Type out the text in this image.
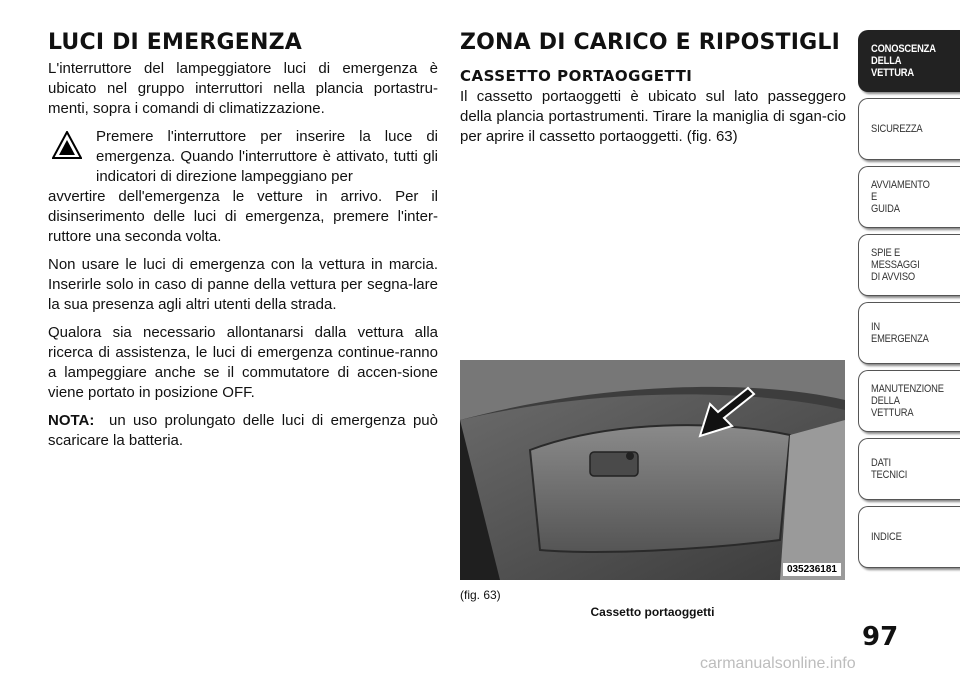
LUCI DI EMERGENZA

L'interruttore del lampeggiatore luci di emergenza è ubicato nel gruppo interruttori nella plancia portastru-menti, sopra i comandi di climatizzazione.

Premere l'interruttore per inserire la luce di emergenza. Quando l'interruttore è attivato, tutti gli indicatori di direzione lampeggiano per

avvertire dell'emergenza le vetture in arrivo. Per il disinserimento delle luci di emergenza, premere l'inter-ruttore una seconda volta.

Non usare le luci di emergenza con la vettura in marcia. Inserirle solo in caso di panne della vettura per segna-lare la sua presenza agli altri utenti della strada.

Qualora sia necessario allontanarsi dalla vettura alla ricerca di assistenza, le luci di emergenza continue-ranno a lampeggiare anche se il commutatore di accen-sione viene portato in posizione OFF.

NOTA: un uso prolungato delle luci di emergenza può scaricare la batteria.

ZONA DI CARICO E RIPOSTIGLI
CASSETTO PORTAOGGETTI

Il cassetto portaoggetti è ubicato sul lato passeggero della plancia portastrumenti. Tirare la maniglia di sgan-cio per aprire il cassetto portaoggetti. (fig. 63)

035236181
(fig. 63)
Cassetto portaoggetti
CONOSCENZA
DELLA
VETTURA
SICUREZZA
AVVIAMENTO
E
GUIDA
SPIE E
MESSAGGI
DI AVVISO
IN
EMERGENZA
MANUTENZIONE
DELLA
VETTURA
DATI
TECNICI
INDICE
97
carmanualsonline.info
